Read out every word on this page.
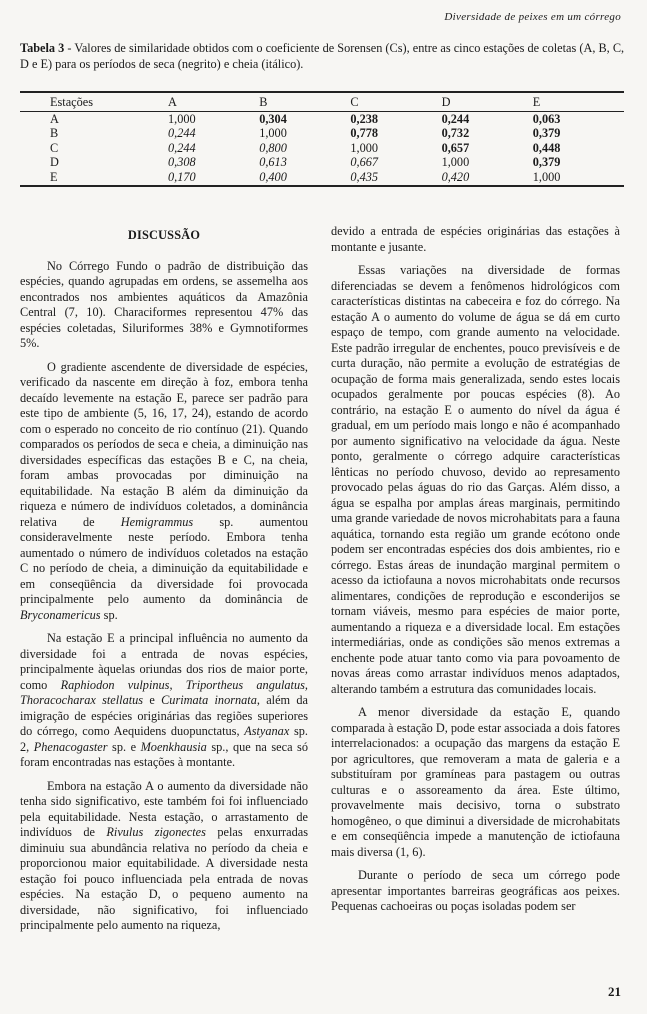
Diversidade de peixes em um córrego
Tabela 3 - Valores de similaridade obtidos com o coeficiente de Sorensen (Cs), entre as cinco estações de coletas (A, B, C, D e E) para os períodos de seca (negrito) e cheia (itálico).
Estações	A	B	C	D	E
A	1,000	0,304	0,238	0,244	0,063
B	0,244	1,000	0,778	0,732	0,379
C	0,244	0,800	1,000	0,657	0,448
D	0,308	0,613	0,667	1,000	0,379
E	0,170	0,400	0,435	0,420	1,000
DISCUSSÃO

No Córrego Fundo o padrão de distribuição das espécies, quando agrupadas em ordens, se assemelha aos encontrados nos ambientes aquáticos da Amazônia Central (7, 10). Characiformes representou 47% das espécies coletadas, Siluriformes 38% e Gymnotiformes 5%.

O gradiente ascendente de diversidade de espécies, verificado da nascente em direção à foz, embora tenha decaído levemente na estação E, parece ser padrão para este tipo de ambiente (5, 16, 17, 24), estando de acordo com o esperado no conceito de rio contínuo (21). Quando comparados os períodos de seca e cheia, a diminuição nas diversidades específicas das estações B e C, na cheia, foram ambas provocadas por diminuição na equitabilidade. Na estação B além da diminuição da riqueza e número de indivíduos coletados, a dominância relativa de Hemigrammus sp. aumentou consideravelmente neste período. Embora tenha aumentado o número de indivíduos coletados na estação C no período de cheia, a diminuição da equitabilidade e em conseqüência da diversidade foi provocada principalmente pelo aumento da dominância de Bryconamericus sp.

Na estação E a principal influência no aumento da diversidade foi a entrada de novas espécies, principalmente àquelas oriundas dos rios de maior porte, como Raphiodon vulpinus, Triportheus angulatus, Thoracocharax stellatus e Curimata inornata, além da imigração de espécies originárias das regiões superiores do córrego, como Aequidens duopunctatus, Astyanax sp. 2, Phenacogaster sp. e Moenkhausia sp., que na seca só foram encontradas nas estações à montante.

Embora na estação A o aumento da diversidade não tenha sido significativo, este também foi foi influenciado pela equitabilidade. Nesta estação, o arrastamento de indivíduos de Rivulus zigonectes pelas enxurradas diminuiu sua abundância relativa no período da cheia e proporcionou maior equitabilidade. A diversidade nesta estação foi pouco influenciada pela entrada de novas espécies. Na estação D, o pequeno aumento na diversidade, não significativo, foi influenciado principalmente pelo aumento na riqueza,

devido a entrada de espécies originárias das estações à montante e jusante.

Essas variações na diversidade de formas diferenciadas se devem a fenômenos hidrológicos com características distintas na cabeceira e foz do córrego. Na estação A o aumento do volume de água se dá em curto espaço de tempo, com grande aumento na velocidade. Este padrão irregular de enchentes, pouco previsíveis e de curta duração, não permite a evolução de estratégias de ocupação de forma mais generalizada, sendo estes locais ocupados geralmente por poucas espécies (8). Ao contrário, na estação E o aumento do nível da água é gradual, em um período mais longo e não é acompanhado por aumento significativo na velocidade da água. Neste ponto, geralmente o córrego adquire características lênticas no período chuvoso, devido ao represamento provocado pelas águas do rio das Garças. Além disso, a água se espalha por amplas áreas marginais, permitindo uma grande variedade de novos microhabitats para a fauna aquática, tornando esta região um grande ecótono onde podem ser encontradas espécies dos dois ambientes, rio e córrego. Estas áreas de inundação marginal permitem o acesso da ictiofauna a novos microhabitats onde recursos alimentares, condições de reprodução e esconderijos se tornam viáveis, mesmo para espécies de maior porte, aumentando a riqueza e a diversidade local. Em estações intermediárias, onde as condições são menos extremas a enchente pode atuar tanto como via para povoamento de novas áreas como arrastar indivíduos menos adaptados, alterando também a estrutura das comunidades locais.

A menor diversidade da estação E, quando comparada à estação D, pode estar associada a dois fatores interrelacionados: a ocupação das margens da estação E por agricultores, que removeram a mata de galeria e a substituíram por gramíneas para pastagem ou outras culturas e o assoreamento da área. Este último, provavelmente mais decisivo, torna o substrato homogêneo, o que diminui a diversidade de microhabitats e em conseqüência impede a manutenção de ictiofauna mais diversa (1, 6).

Durante o período de seca um córrego pode apresentar importantes barreiras geográficas aos peixes. Pequenas cachoeiras ou poças isoladas podem ser

21
